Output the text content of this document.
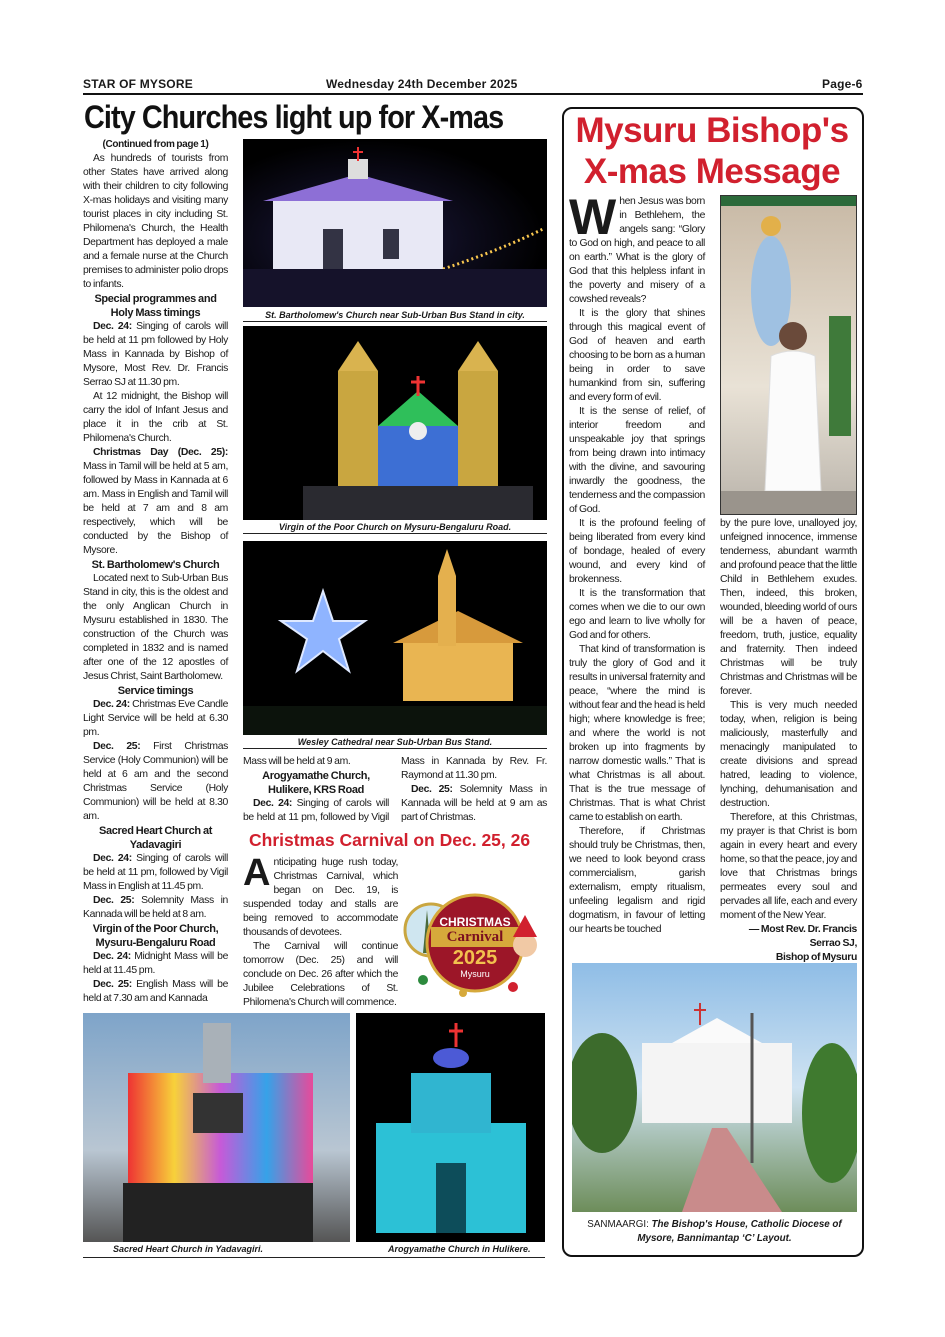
STAR OF MYSORE	Wednesday 24th December 2025	Page-6
City Churches light up for X-mas

(Continued from page 1)

As hundreds of tourists from other States have arrived along with their children to city following X-mas holidays and visiting many tourist places in city including St. Philomena's Church, the Health Department has deployed a male and a female nurse at the Church premises to administer polio drops to infants.

Special programmes and Holy Mass timings

Dec. 24: Singing of carols will be held at 11 pm followed by Holy Mass in Kannada by Bishop of Mysore, Most Rev. Dr. Francis Serrao SJ at 11.30 pm.

At 12 midnight, the Bishop will carry the idol of Infant Jesus and place it in the crib at St. Philomena's Church.

Christmas Day (Dec. 25): Mass in Tamil will be held at 5 am, followed by Mass in Kannada at 6 am. Mass in English and Tamil will be held at 7 am and 8 am respectively, which will be conducted by the Bishop of Mysore.

St. Bartholomew's Church

Located next to Sub-Urban Bus Stand in city, this is the oldest and the only Anglican Church in Mysuru established in 1830. The construction of the Church was completed in 1832 and is named after one of the 12 apostles of Jesus Christ, Saint Bartholomew.

Service timings

Dec. 24: Christmas Eve Candle Light Service will be held at 6.30 pm.

Dec. 25: First Christmas Service (Holy Communion) will be held at 6 am and the second Christmas Service (Holy Communion) will be held at 8.30 am.

Sacred Heart Church at Yadavagiri

Dec. 24: Singing of carols will be held at 11 pm, followed by Vigil Mass in English at 11.45 pm.

Dec. 25: Solemnity Mass in Kannada will be held at 8 am.

Virgin of the Poor Church, Mysuru-Bengaluru Road

Dec. 24: Midnight Mass will be held at 11.45 pm.

Dec. 25: English Mass will be held at 7.30 am and Kannada

St. Bartholomew's Church near Sub-Urban Bus Stand in city.
Virgin of the Poor Church on Mysuru-Bengaluru Road.
Wesley Cathedral near Sub-Urban Bus Stand.

Mass will be held at 9 am.

Arogyamathe Church, Hulikere, KRS Road

Dec. 24: Singing of carols will be held at 11 pm, followed by Vigil Mass in Kannada by Rev. Fr. Raymond at 11.30 pm.

Dec. 25: Solemnity Mass in Kannada will be held at 9 am as part of Christmas.

Christmas Carnival on Dec. 25, 26

Anticipating huge rush today, Christmas Carnival, which began on Dec. 19, is suspended today and stalls are being removed to accommodate thousands of devotees.

The Carnival will continue tomorrow (Dec. 25) and will conclude on Dec. 26 after which the Jubilee Celebrations of St. Philomena's Church will commence.

CHRISTMAS
Carnival
2025
Mysuru
Sacred Heart Church in Yadavagiri.	Arogyamathe Church in Hulikere.
Mysuru Bishop's
X-mas Message

When Jesus was born in Bethlehem, the angels sang: “Glory to God on high, and peace to all on earth.” What is the glory of God that this helpless infant in the poverty and misery of a cowshed reveals?

It is the glory that shines through this magical event of God of heaven and earth choosing to be born as a human being in order to save humankind from sin, suffering and every form of evil.

It is the sense of relief, of interior freedom and unspeakable joy that springs from being drawn into intimacy with the divine, and savouring inwardly the goodness, the tenderness and the compassion of God.

It is the profound feeling of being liberated from every kind of bondage, healed of every wound, and every kind of brokenness.

It is the transformation that comes when we die to our own ego and learn to live wholly for God and for others.

That kind of transformation is truly the glory of God and it results in universal fraternity and peace, “where the mind is without fear and the head is held high; where knowledge is free; and where the world is not broken up into fragments by narrow domestic walls.” That is what Christmas is all about. That is the true message of Christmas. That is what Christ came to establish on earth.

Therefore, if Christmas should truly be Christmas, then, we need to look beyond crass commercialism, garish externalism, empty ritualism, unfeeling legalism and rigid dogmatism, in favour of letting our hearts be touched

by the pure love, unalloyed joy, unfeigned innocence, immense tenderness, abundant warmth and profound peace that the little Child in Bethlehem exudes. Then, indeed, this broken, wounded, bleeding world of ours will be a haven of peace, freedom, truth, justice, equality and fraternity. Then indeed Christmas will be truly Christmas and Christmas will be forever.

This is very much needed today, when, religion is being maliciously, masterfully and menacingly manipulated to create divisions and spread hatred, leading to violence, lynching, dehumanisation and destruction.

Therefore, at this Christmas, my prayer is that Christ is born again in every heart and every home, so that the peace, joy and love that Christmas brings permeates every soul and pervades all life, each and every moment of the New Year.

— Most Rev. Dr. Francis Serrao SJ,
Bishop of Mysuru
SANMAARGI: The Bishop's House, Catholic Diocese of Mysore, Bannimantap ‘C’ Layout.
